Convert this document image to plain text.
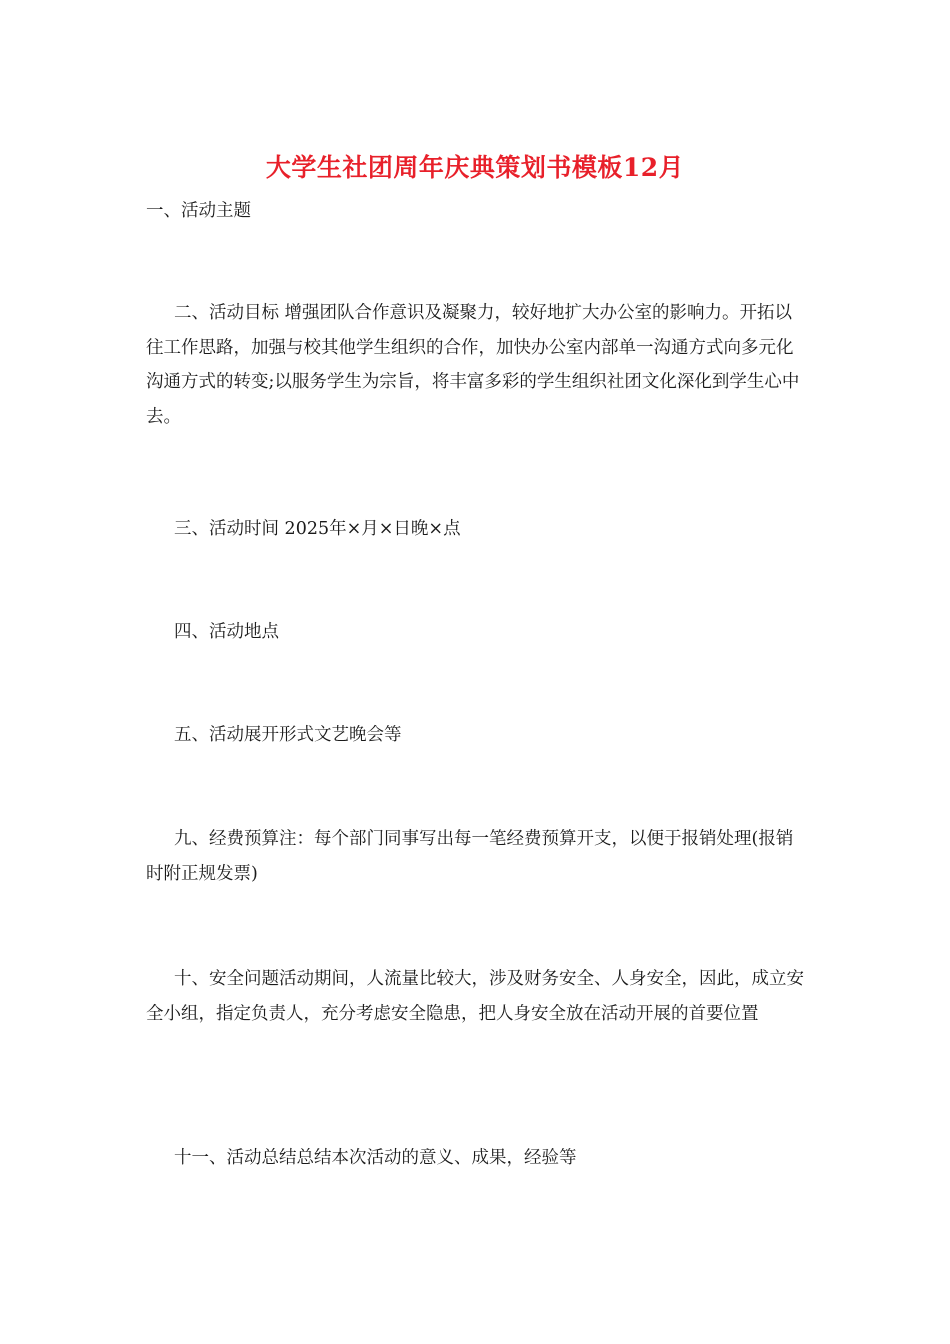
大学生社团周年庆典策划书模板12月

一、活动主题

二、活动目标 增强团队合作意识及凝聚力，较好地扩大办公室的影响力。开拓以往工作思路，加强与校其他学生组织的合作，加快办公室内部单一沟通方式向多元化沟通方式的转变;以服务学生为宗旨，将丰富多彩的学生组织社团文化深化到学生心中去。

三、活动时间 2025年×月×日晚×点

四、活动地点

五、活动展开形式文艺晚会等

九、经费预算注：每个部门同事写出每一笔经费预算开支，以便于报销处理(报销时附正规发票)

十、安全问题活动期间，人流量比较大，涉及财务安全、人身安全，因此，成立安全小组，指定负责人，充分考虑安全隐患，把人身安全放在活动开展的首要位置

十一、活动总结总结本次活动的意义、成果，经验等
